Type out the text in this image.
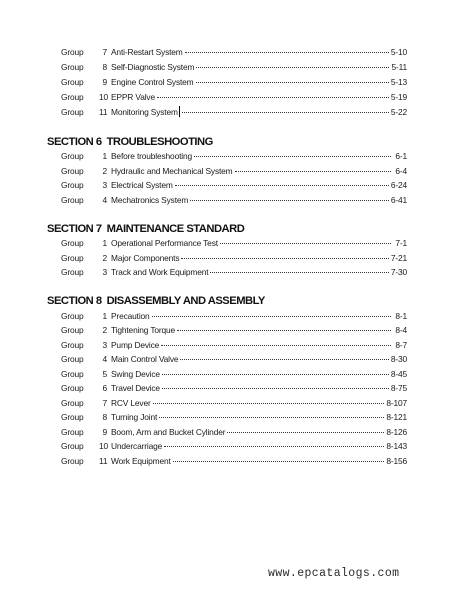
Group	7 Anti-Restart System	5-10
Group	8 Self-Diagnostic System	5-11
Group	9 Engine Control System	5-13
Group	10 EPPR Valve	5-19
Group	11 Monitoring System	5-22
SECTION 6 TROUBLESHOOTING
Group	1 Before troubleshooting	6-1
Group	2 Hydraulic and Mechanical System	6-4
Group	3 Electrical System	6-24
Group	4 Mechatronics System	6-41
SECTION 7 MAINTENANCE STANDARD
Group	1 Operational Performance Test	7-1
Group	2 Major Components	7-21
Group	3 Track and Work Equipment	7-30
SECTION 8 DISASSEMBLY AND ASSEMBLY
Group	1 Precaution	8-1
Group	2 Tightening Torque	8-4
Group	3 Pump Device	8-7
Group	4 Main Control Valve	8-30
Group	5 Swing Device	8-45
Group	6 Travel Device	8-75
Group	7 RCV Lever	8-107
Group	8 Turning Joint	8-121
Group	9 Boom, Arm and Bucket Cylinder	8-126
Group	10 Undercarriage	8-143
Group	11 Work Equipment	8-156
www.epcatalogs.com
